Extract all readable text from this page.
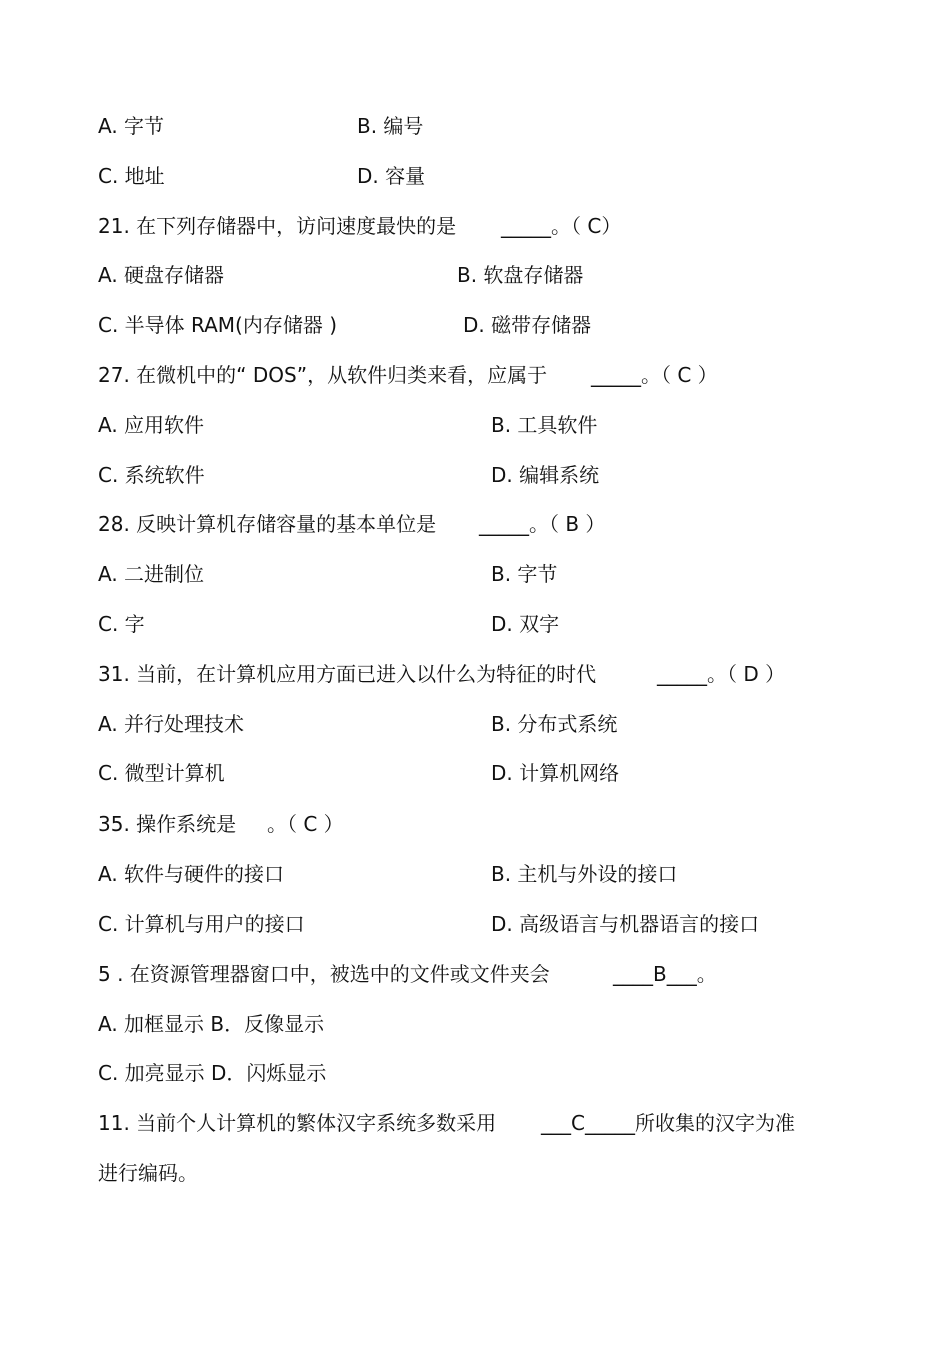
A. 字节	B. 编号
C. 地址	D. 容量
21. 在下列存储器中，访问速度最快的是 _____。（ C）
A. 硬盘存储器	B. 软盘存储器
C. 半导体 RAM(内存储器 )	D. 磁带存储器
27. 在微机中的“ DOS”，从软件归类来看，应属于 _____。（ C ）
A. 应用软件	B. 工具软件
C. 系统软件	D. 编辑系统
28. 反映计算机存储容量的基本单位是 _____。（ B ）
A. 二进制位	B. 字节
C. 字	D. 双字
31. 当前，在计算机应用方面已进入以什么为特征的时代	_____。（ D ）
A. 并行处理技术	B. 分布式系统
C. 微型计算机	D. 计算机网络
35. 操作系统是 。（ C ）
A. 软件与硬件的接口	B. 主机与外设的接口
C. 计算机与用户的接口	D. 高级语言与机器语言的接口
5 . 在资源管理器窗口中，被选中的文件或文件夹会	____B___。
A. 加框显示 B．反像显示
C. 加亮显示 D．闪烁显示
11. 当前个人计算机的繁体汉字系统多数采用 ___C_____所收集的汉字为准
进行编码。
